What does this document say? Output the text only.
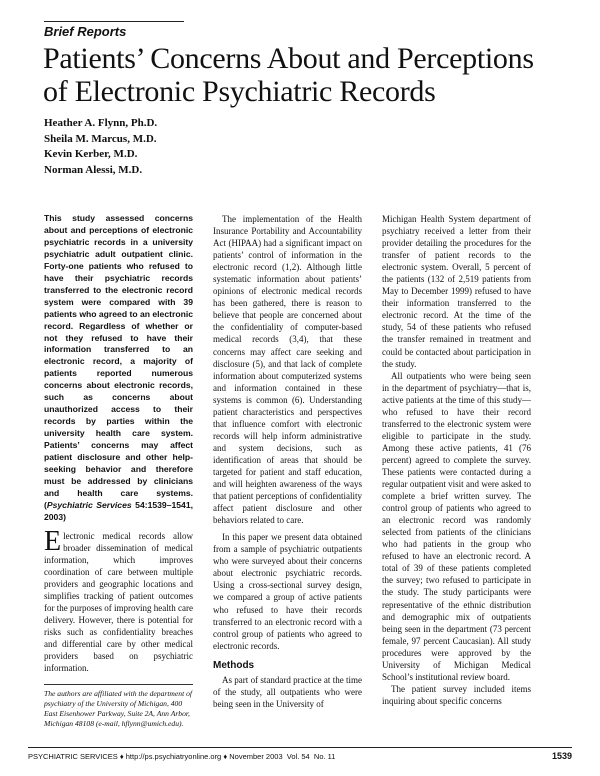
Brief Reports
Patients’ Concerns About and Perceptions
of Electronic Psychiatric Records
Heather A. Flynn, Ph.D.
Sheila M. Marcus, M.D.
Kevin Kerber, M.D.
Norman Alessi, M.D.
This study assessed concerns about and perceptions of electronic psychiatric records in a university psychiatric adult outpatient clinic. Forty-one patients who refused to have their psychiatric records transferred to the electronic record system were compared with 39 patients who agreed to an electronic record. Regardless of whether or not they refused to have their information transferred to an electronic record, a majority of patients reported numerous concerns about electronic records, such as concerns about unauthorized access to their records by parties within the university health care system. Patients’ concerns may affect patient disclosure and other help-seeking behavior and therefore must be addressed by clinicians and health care systems. (Psychiatric Services 54:1539–1541, 2003)

Electronic medical records allow broader dissemination of medical information, which improves coordination of care between multiple providers and geographic locations and simplifies tracking of patient outcomes for the purposes of improving health care delivery. However, there is potential for risks such as confidentiality breaches and differential care by other medical providers based on psychiatric information.

The authors are affiliated with the department of psychiatry of the University of Michigan, 400 East Eisenhower Parkway, Suite 2A, Ann Arbor, Michigan 48108 (e-mail, hflynn@umich.edu).

The implementation of the Health Insurance Portability and Accountability Act (HIPAA) had a significant impact on patients’ control of information in the electronic record (1,2). Although little systematic information about patients’ opinions of electronic medical records has been gathered, there is reason to believe that people are concerned about the confidentiality of computer-based medical records (3,4), that these concerns may affect care seeking and disclosure (5), and that lack of complete information about computerized systems and information contained in these systems is common (6). Understanding patient characteristics and perspectives that influence comfort with electronic records will help inform administrative and system decisions, such as identification of areas that should be targeted for patient and staff education, and will heighten awareness of the ways that patient perceptions of confidentiality affect patient disclosure and other behaviors related to care.

In this paper we present data obtained from a sample of psychiatric outpatients who were surveyed about their concerns about electronic psychiatric records. Using a cross-sectional survey design, we compared a group of active patients who refused to have their records transferred to an electronic record with a control group of patients who agreed to electronic records.

Methods

As part of standard practice at the time of the study, all outpatients who were being seen in the University of

Michigan Health System department of psychiatry received a letter from their provider detailing the procedures for the transfer of patient records to the electronic system. Overall, 5 percent of the patients (132 of 2,519 patients from May to December 1999) refused to have their information transferred to the electronic record. At the time of the study, 54 of these patients who refused the transfer remained in treatment and could be contacted about participation in the study.

All outpatients who were being seen in the department of psychiatry—that is, active patients at the time of this study—who refused to have their record transferred to the electronic system were eligible to participate in the study. Among these active patients, 41 (76 percent) agreed to complete the survey. These patients were contacted during a regular outpatient visit and were asked to complete a brief written survey. The control group of patients who agreed to an electronic record was randomly selected from patients of the clinicians who had patients in the group who refused to have an electronic record. A total of 39 of these patients completed the survey; two refused to participate in the study. The study participants were representative of the ethnic distribution and demographic mix of outpatients being seen in the department (73 percent female, 97 percent Caucasian). All study procedures were approved by the University of Michigan Medical School’s institutional review board.

The patient survey included items inquiring about specific concerns

PSYCHIATRIC SERVICES ♦ http://ps.psychiatryonline.org ♦ November 2003 Vol. 54 No. 11	1539
